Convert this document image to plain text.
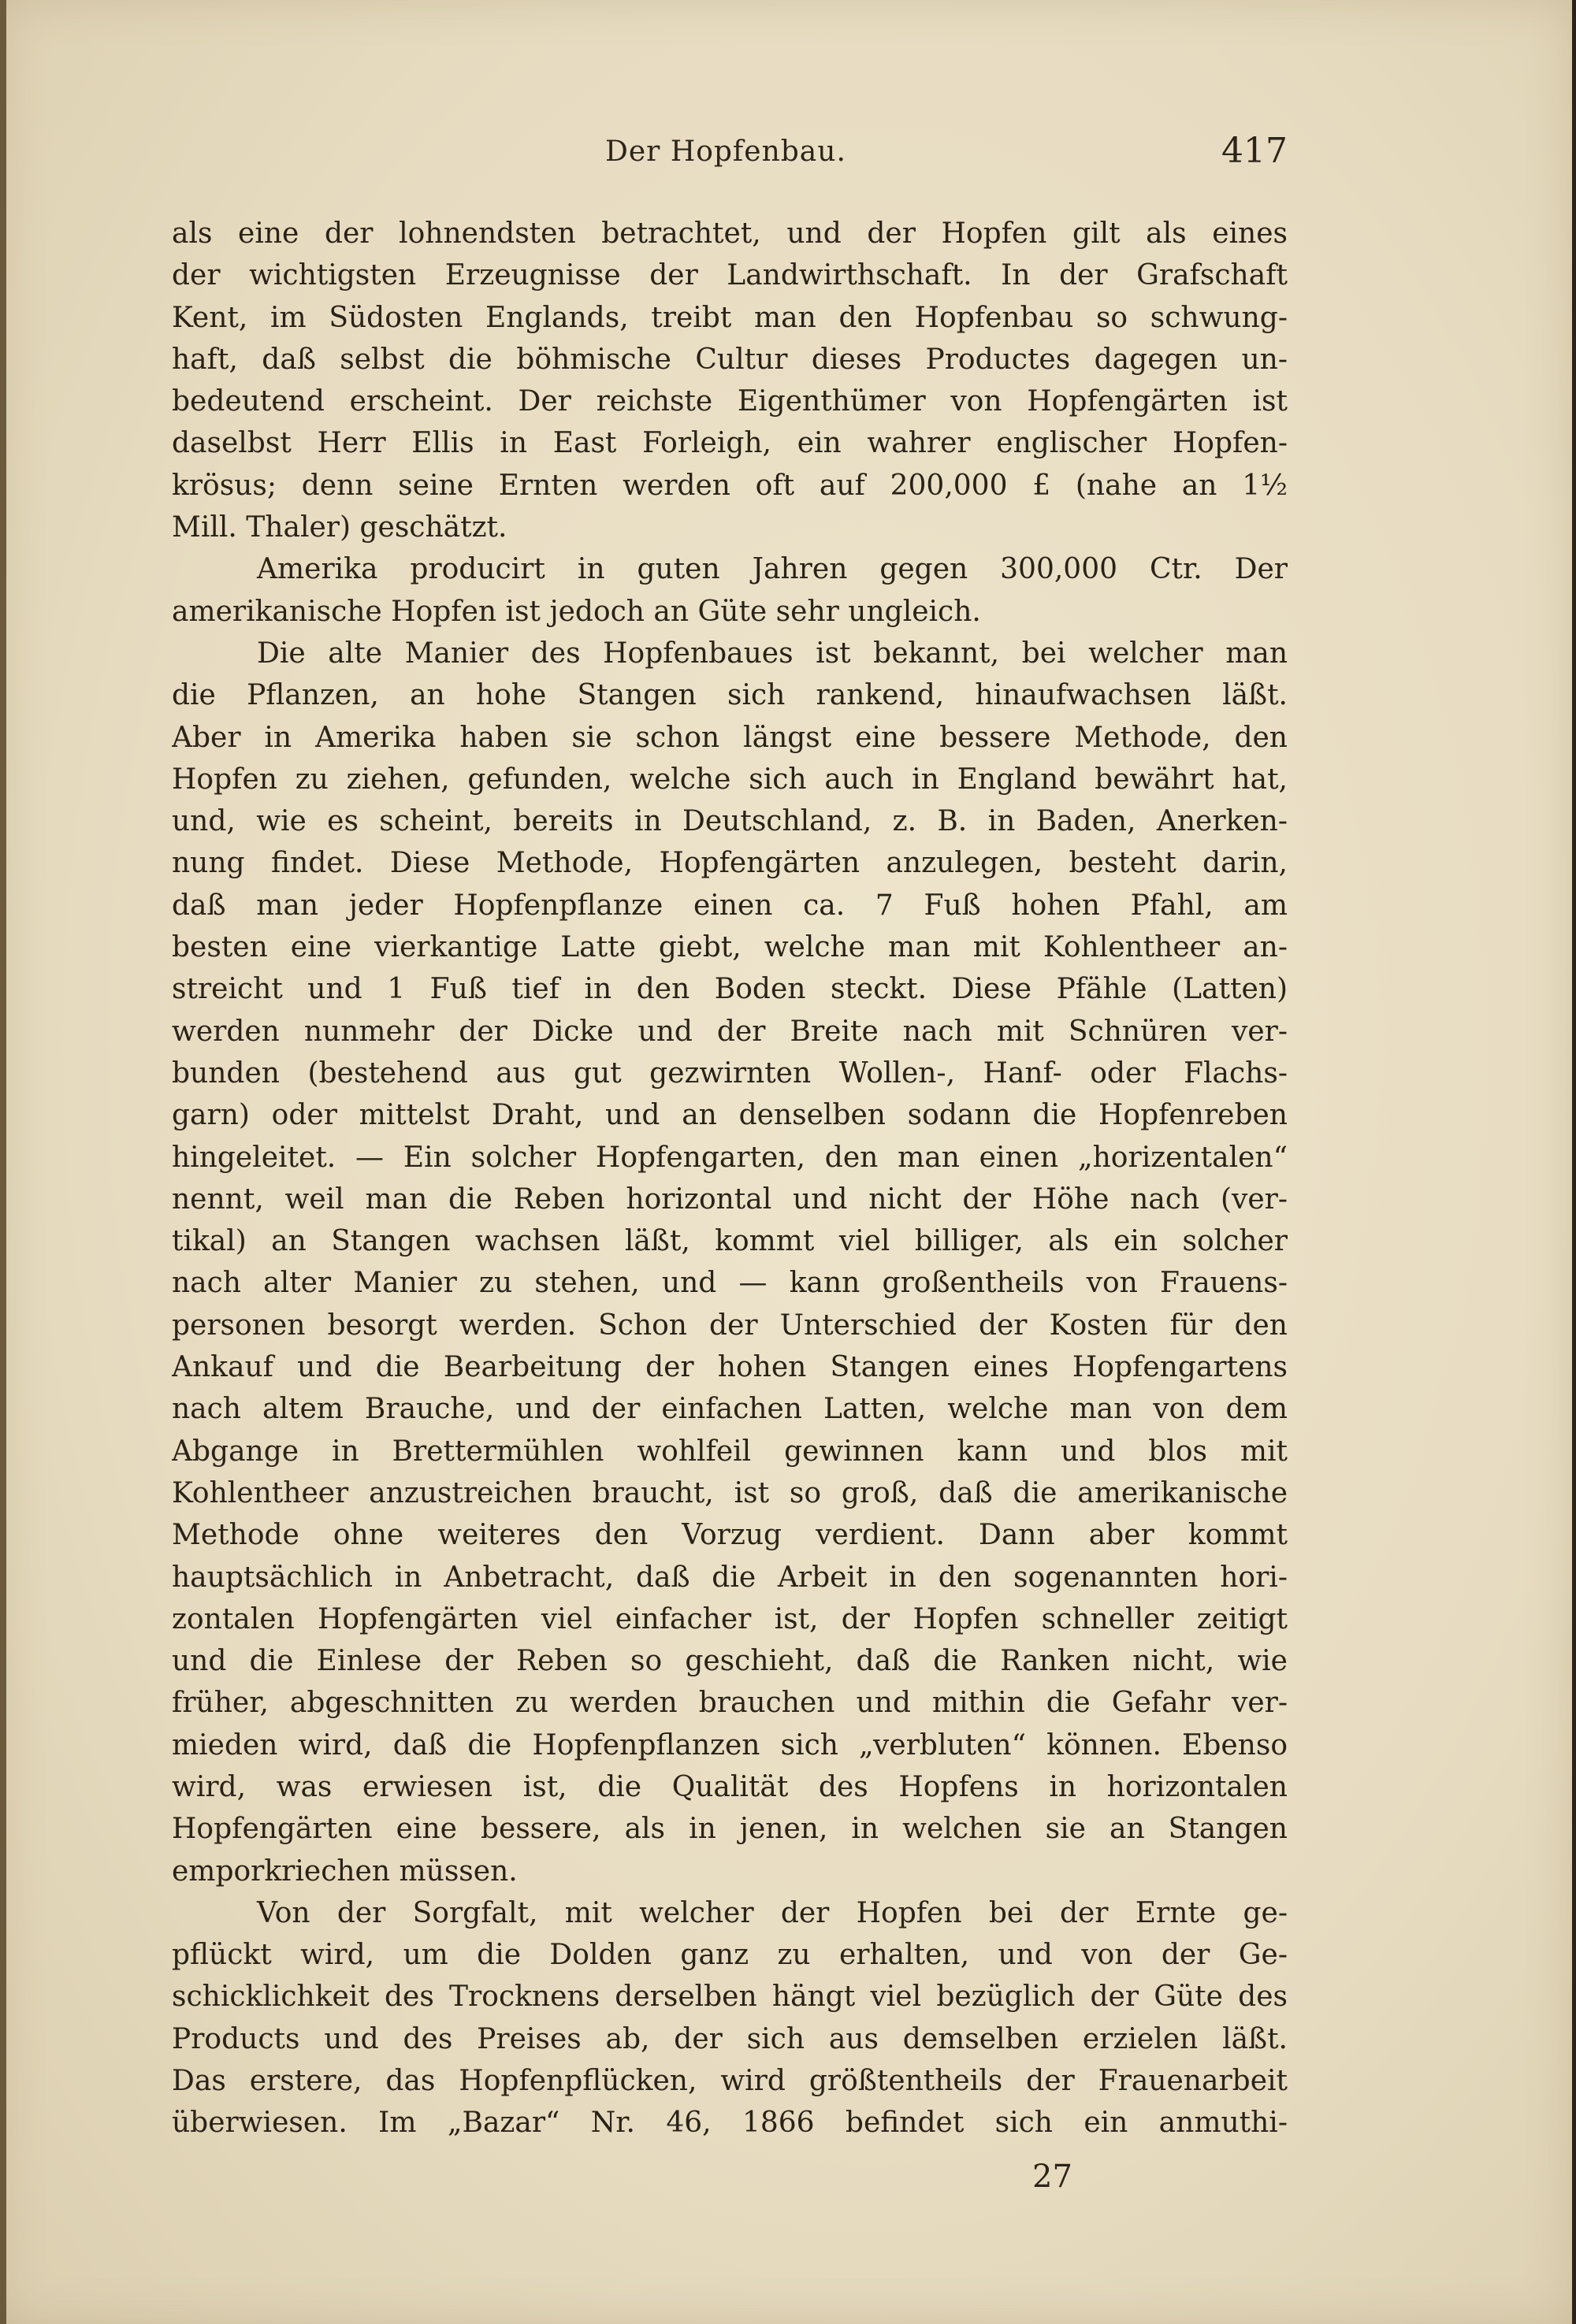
Der Hopfenbau.	417
als eine der lohnendsten betrachtet, und der Hopfen gilt als eines
der wichtigsten Erzeugnisse der Landwirthschaft. In der Grafschaft
Kent, im Südosten Englands, treibt man den Hopfenbau so schwung-
haft, daß selbst die böhmische Cultur dieses Productes dagegen un-
bedeutend erscheint. Der reichste Eigenthümer von Hopfengärten ist
daselbst Herr Ellis in East Forleigh, ein wahrer englischer Hopfen-
krösus; denn seine Ernten werden oft auf 200,000 £ (nahe an 1½
Mill. Thaler) geschätzt.
Amerika producirt in guten Jahren gegen 300,000 Ctr. Der
amerikanische Hopfen ist jedoch an Güte sehr ungleich.
Die alte Manier des Hopfenbaues ist bekannt, bei welcher man
die Pflanzen, an hohe Stangen sich rankend, hinaufwachsen läßt.
Aber in Amerika haben sie schon längst eine bessere Methode, den
Hopfen zu ziehen, gefunden, welche sich auch in England bewährt hat,
und, wie es scheint, bereits in Deutschland, z. B. in Baden, Anerken-
nung findet. Diese Methode, Hopfengärten anzulegen, besteht darin,
daß man jeder Hopfenpflanze einen ca. 7 Fuß hohen Pfahl, am
besten eine vierkantige Latte giebt, welche man mit Kohlentheer an-
streicht und 1 Fuß tief in den Boden steckt. Diese Pfähle (Latten)
werden nunmehr der Dicke und der Breite nach mit Schnüren ver-
bunden (bestehend aus gut gezwirnten Wollen-, Hanf- oder Flachs-
garn) oder mittelst Draht, und an denselben sodann die Hopfenreben
hingeleitet. — Ein solcher Hopfengarten, den man einen „horizentalen“
nennt, weil man die Reben horizontal und nicht der Höhe nach (ver-
tikal) an Stangen wachsen läßt, kommt viel billiger, als ein solcher
nach alter Manier zu stehen, und — kann großentheils von Frauens-
personen besorgt werden. Schon der Unterschied der Kosten für den
Ankauf und die Bearbeitung der hohen Stangen eines Hopfengartens
nach altem Brauche, und der einfachen Latten, welche man von dem
Abgange in Brettermühlen wohlfeil gewinnen kann und blos mit
Kohlentheer anzustreichen braucht, ist so groß, daß die amerikanische
Methode ohne weiteres den Vorzug verdient. Dann aber kommt
hauptsächlich in Anbetracht, daß die Arbeit in den sogenannten hori-
zontalen Hopfengärten viel einfacher ist, der Hopfen schneller zeitigt
und die Einlese der Reben so geschieht, daß die Ranken nicht, wie
früher, abgeschnitten zu werden brauchen und mithin die Gefahr ver-
mieden wird, daß die Hopfenpflanzen sich „verbluten“ können. Ebenso
wird, was erwiesen ist, die Qualität des Hopfens in horizontalen
Hopfengärten eine bessere, als in jenen, in welchen sie an Stangen
emporkriechen müssen.
Von der Sorgfalt, mit welcher der Hopfen bei der Ernte ge-
pflückt wird, um die Dolden ganz zu erhalten, und von der Ge-
schicklichkeit des Trocknens derselben hängt viel bezüglich der Güte des
Products und des Preises ab, der sich aus demselben erzielen läßt.
Das erstere, das Hopfenpflücken, wird größtentheils der Frauenarbeit
überwiesen. Im „Bazar“ Nr. 46, 1866 befindet sich ein anmuthi-
27
